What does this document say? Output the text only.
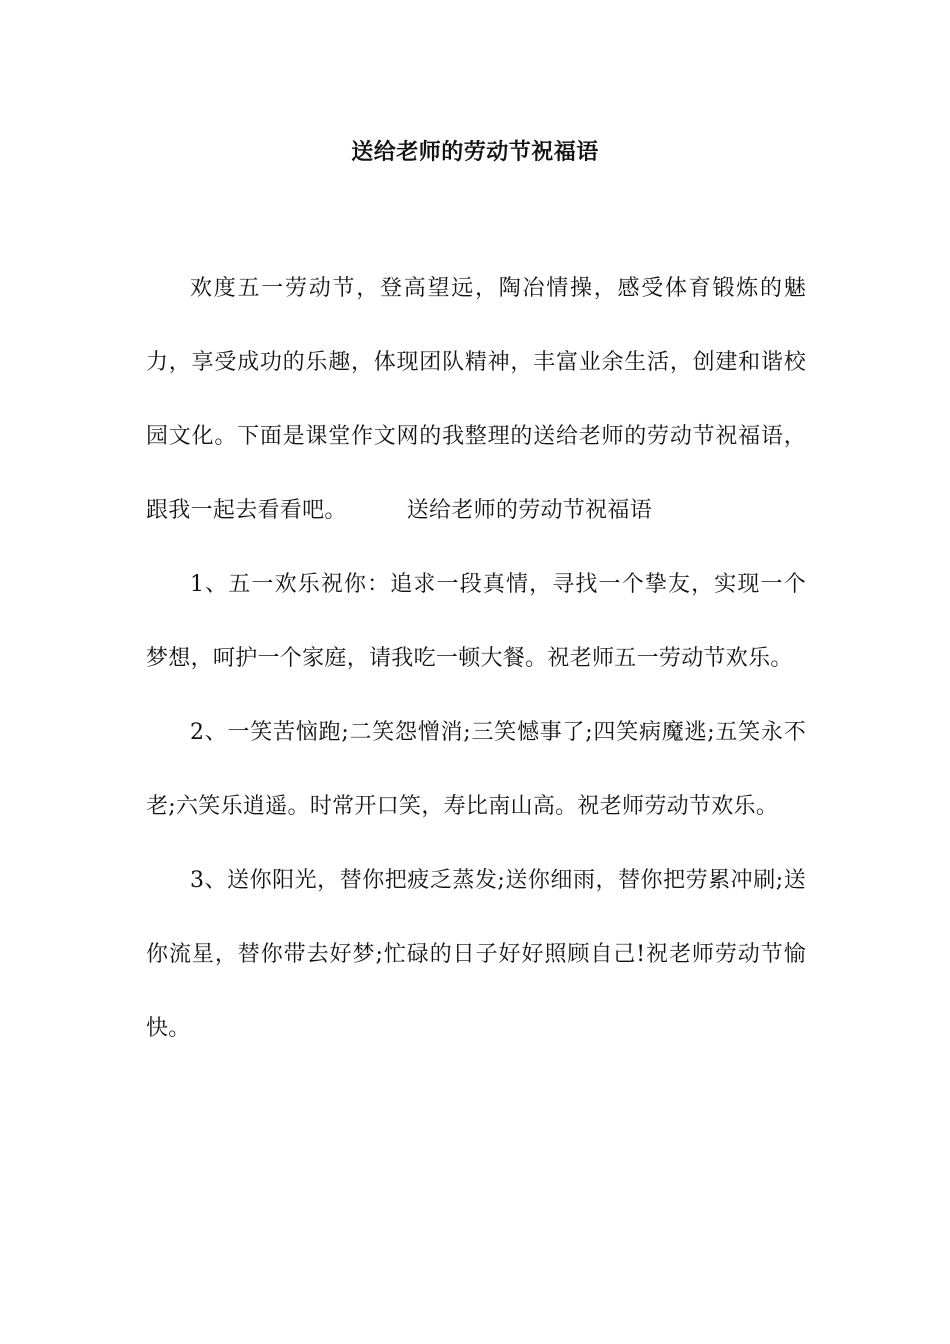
送给老师的劳动节祝福语

欢度五一劳动节，登高望远，陶冶情操，感受体育锻炼的魅力，享受成功的乐趣，体现团队精神，丰富业余生活，创建和谐校园文化。下面是课堂作文网的我整理的送给老师的劳动节祝福语，跟我一起去看看吧。	送给老师的劳动节祝福语

1、五一欢乐祝你：追求一段真情，寻找一个挚友，实现一个梦想，呵护一个家庭，请我吃一顿大餐。祝老师五一劳动节欢乐。

2、一笑苦恼跑;二笑怨憎消;三笑憾事了;四笑病魔逃;五笑永不老;六笑乐逍遥。时常开口笑，寿比南山高。祝老师劳动节欢乐。

3、送你阳光，替你把疲乏蒸发;送你细雨，替你把劳累冲刷;送你流星，替你带去好梦;忙碌的日子好好照顾自己!祝老师劳动节愉快。
